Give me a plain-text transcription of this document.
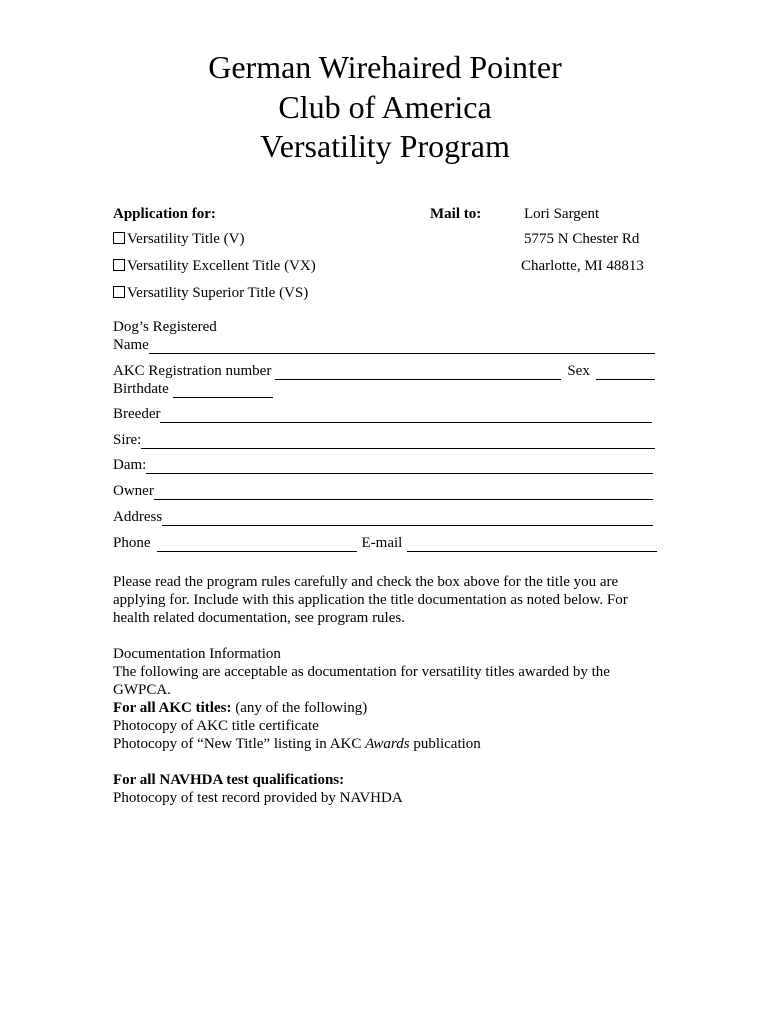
German Wirehaired Pointer
Club of America
Versatility Program
Application for:
Versatility Title (V)
Versatility Excellent Title (VX)
Versatility Superior Title (VS)
Mail to:	Lori Sargent
5775 N Chester Rd
Charlotte, MI 48813
Dog’s Registered
Name
AKC Registration number	Sex
Birthdate
Breeder
Sire:
Dam:
Owner
Address
Phone	E-mail
Please read the program rules carefully and check the box above for the title you are
applying for. Include with this application the title documentation as noted below. For
health related documentation, see program rules.
Documentation Information
The following are acceptable as documentation for versatility titles awarded by the
GWPCA.
For all AKC titles: (any of the following)
Photocopy of AKC title certificate
Photocopy of “New Title” listing in AKC Awards publication
For all NAVHDA test qualifications:
Photocopy of test record provided by NAVHDA
